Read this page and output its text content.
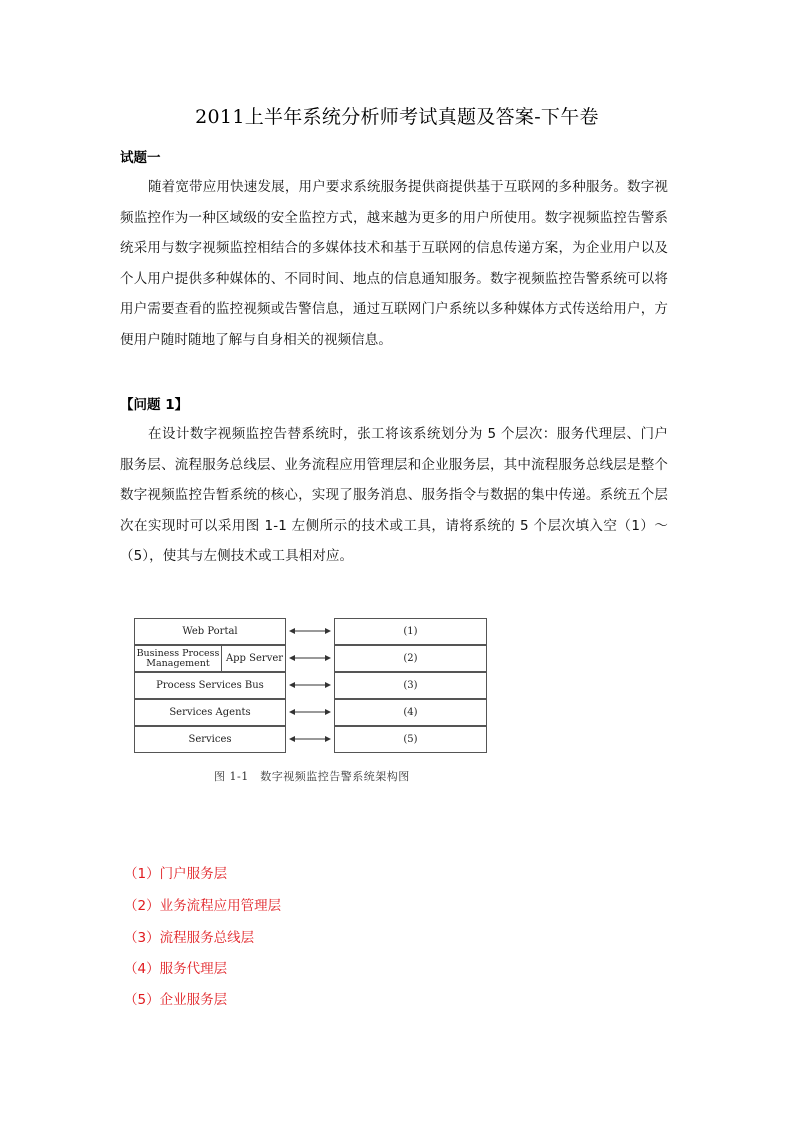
2011上半年系统分析师考试真题及答案-下午卷
试题一

随着宽带应用快速发展，用户要求系统服务提供商提供基于互联网的多种服务。数字视频监控作为一种区域级的安全监控方式，越来越为更多的用户所使用。数字视频监控告警系统采用与数字视频监控相结合的多媒体技术和基于互联网的信息传递方案，为企业用户以及个人用户提供多种媒体的、不同时间、地点的信息通知服务。数字视频监控告警系统可以将用户需要查看的监控视频或告警信息，通过互联网门户系统以多种媒体方式传送给用户，方便用户随时随地了解与自身相关的视频信息。

【问题 1】

在设计数字视频监控告替系统时，张工将该系统划分为 5 个层次：服务代理层、门户服务层、流程服务总线层、业务流程应用管理层和企业服务层，其中流程服务总线层是整个数字视频监控告暂系统的核心，实现了服务消息、服务指令与数据的集中传递。系统五个层次在实现时可以采用图 1-1 左侧所示的技术或工具，请将系统的 5 个层次填入空（1）～（5），使其与左侧技术或工具相对应。

Web Portal
Business Process Management	App Server
Process Services Bus
Services Agents
Services
(1)
(2)
(3)
(4)
(5)
图 1-1　数字视频监控告警系统架构图
（1）门户服务层
（2）业务流程应用管理层
（3）流程服务总线层
（4）服务代理层
（5）企业服务层
